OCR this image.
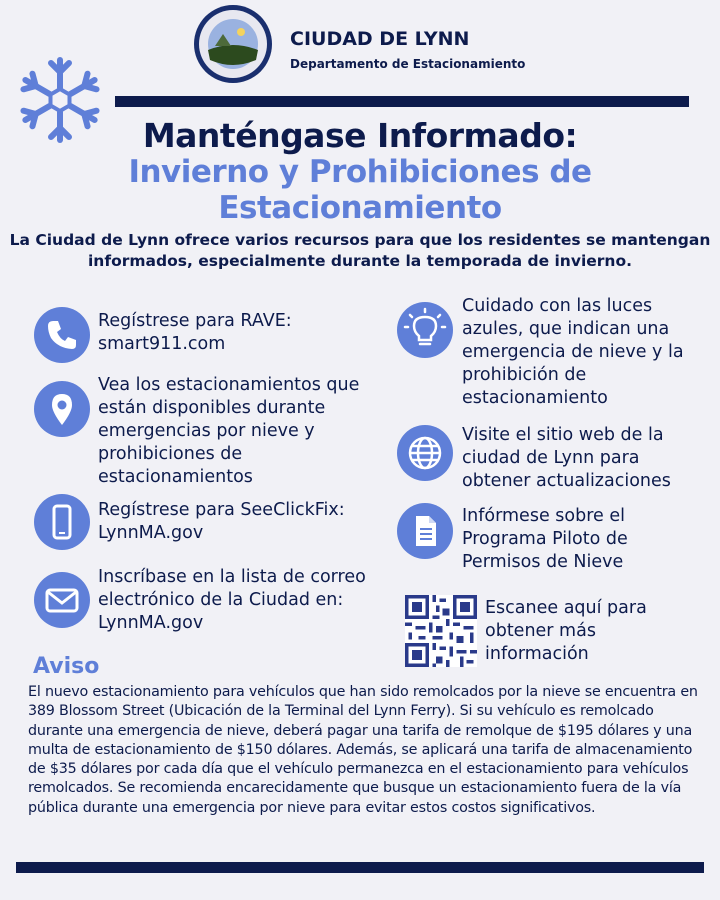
CIUDAD DE LYNN
Departamento de Estacionamiento
Manténgase Informado:
Invierno y Prohibiciones de Estacionamiento
La Ciudad de Lynn ofrece varios recursos para que los residentes se mantengan informados, especialmente durante la temporada de invierno.
Regístrese para RAVE: smart911.com
Vea los estacionamientos que están disponibles durante emergencias por nieve y prohibiciones de estacionamientos
Regístrese para SeeClickFix: LynnMA.gov
Inscríbase en la lista de correo electrónico de la Ciudad en: LynnMA.gov
Cuidado con las luces azules, que indican una emergencia de nieve y la prohibición de estacionamiento
Visite el sitio web de la ciudad de Lynn para obtener actualizaciones
Infórmese sobre el Programa Piloto de Permisos de Nieve
Escanee aquí para obtener más información
Aviso
El nuevo estacionamiento para vehículos que han sido remolcados por la nieve se encuentra en 389 Blossom Street (Ubicación de la Terminal del Lynn Ferry). Si su vehículo es remolcado durante una emergencia de nieve, deberá pagar una tarifa de remolque de $195 dólares y una multa de estacionamiento de $150 dólares. Además, se aplicará una tarifa de almacenamiento de $35 dólares por cada día que el vehículo permanezca en el estacionamiento para vehículos remolcados. Se recomienda encarecidamente que busque un estacionamiento fuera de la vía pública durante una emergencia por nieve para evitar estos costos significativos.
